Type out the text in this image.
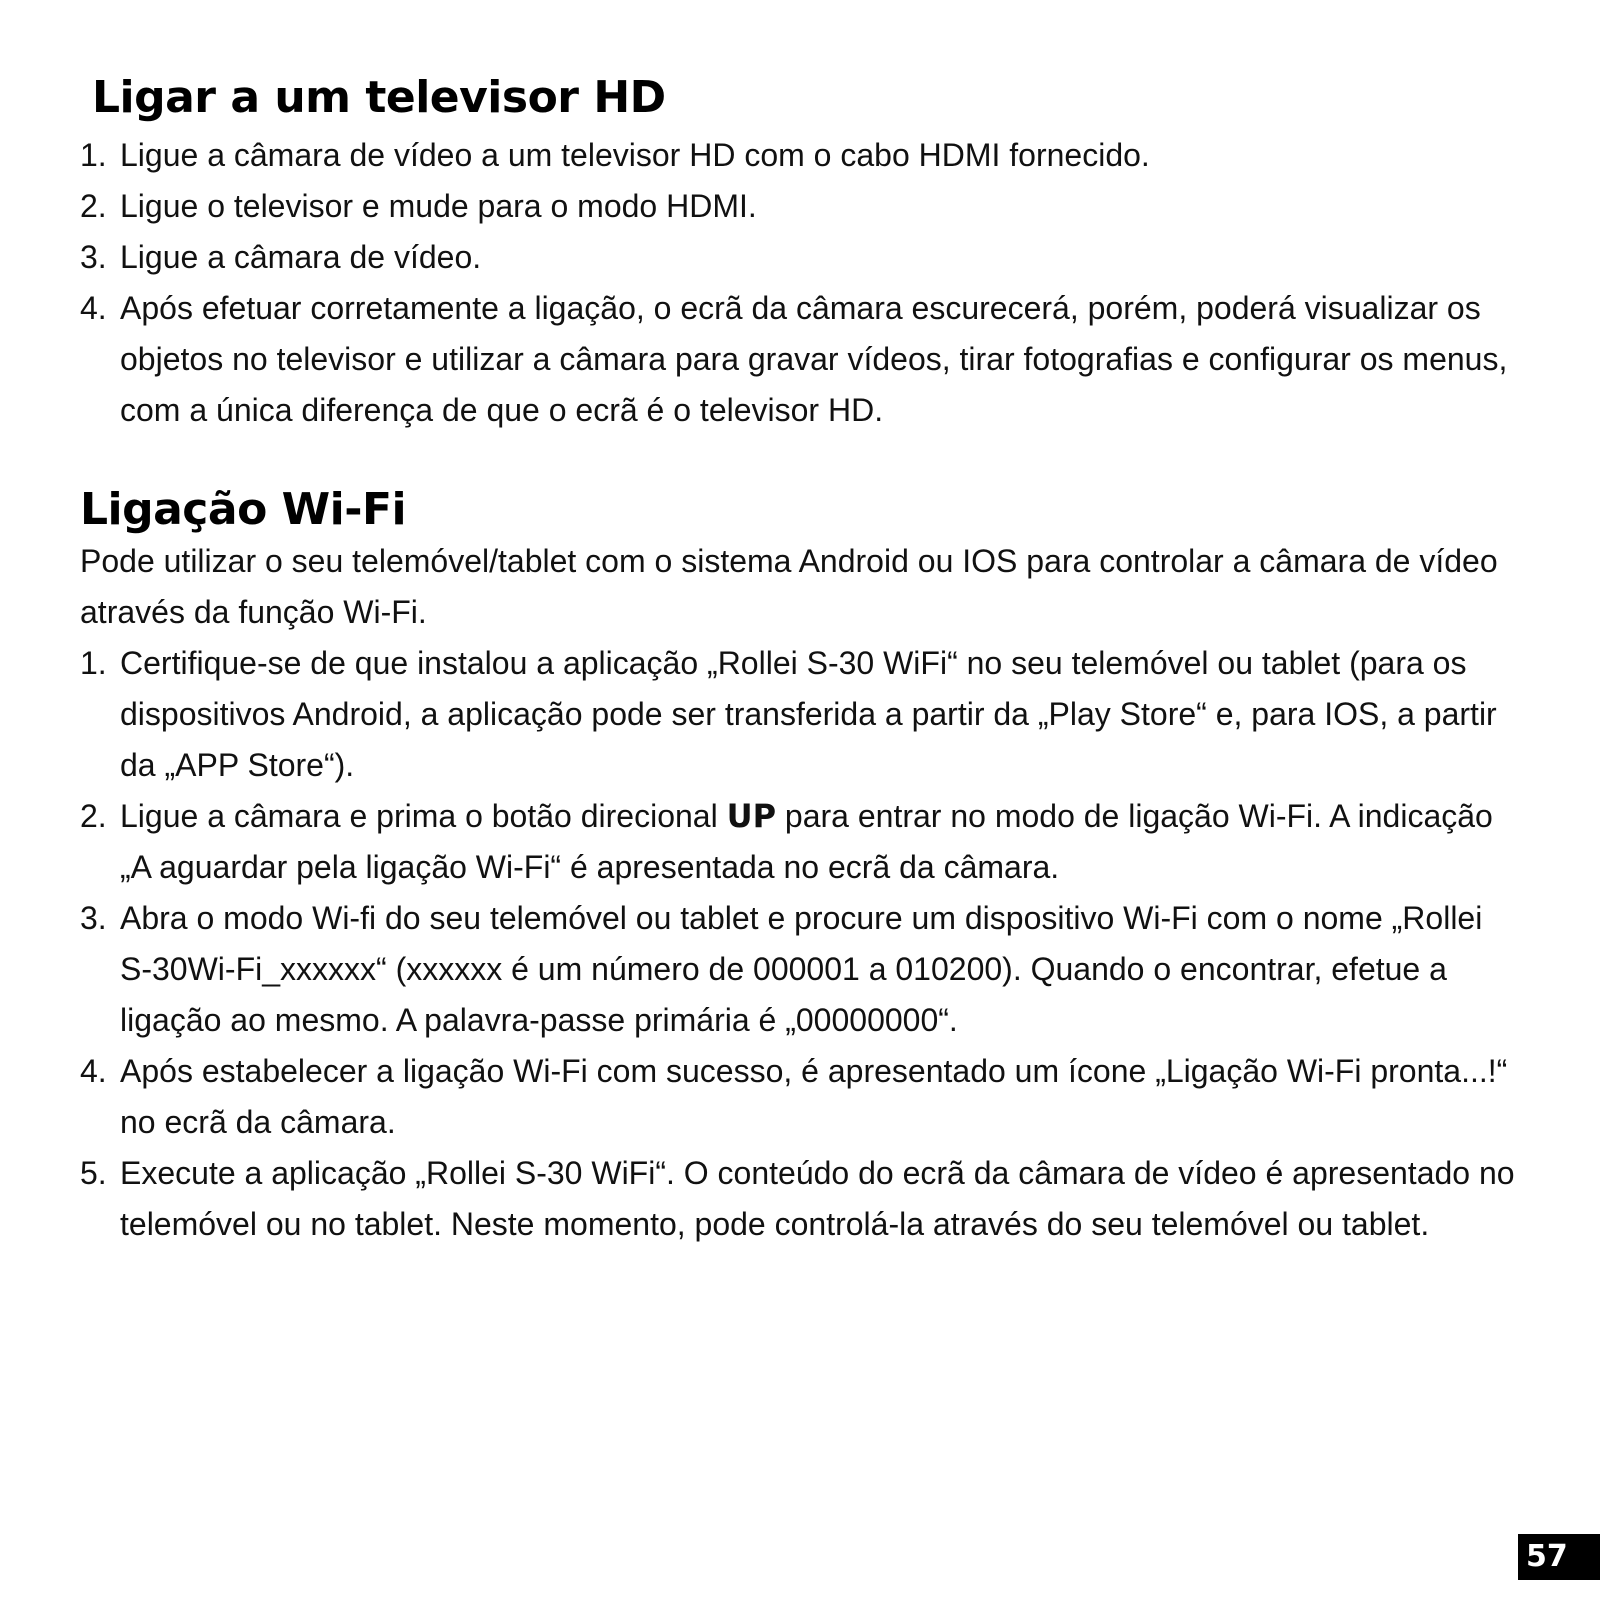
Ligar a um televisor HD
1. Ligue a câmara de vídeo a um televisor HD com o cabo HDMI fornecido.
2. Ligue o televisor e mude para o modo HDMI.
3. Ligue a câmara de vídeo.
4. Após efetuar corretamente a ligação, o ecrã da câmara escurecerá, porém, poderá visualizar os
objetos no televisor e utilizar a câmara para gravar vídeos, tirar fotografias e configurar os menus,
com a única diferença de que o ecrã é o televisor HD.
Ligação Wi-Fi
Pode utilizar o seu telemóvel/tablet com o sistema Android ou IOS para controlar a câmara de vídeo
através da função Wi-Fi.
1. Certifique-se de que instalou a aplicação „Rollei S-30 WiFi“ no seu telemóvel ou tablet (para os
dispositivos Android, a aplicação pode ser transferida a partir da „Play Store“ e, para IOS, a partir
da „APP Store“).
2. Ligue a câmara e prima o botão direcional UP para entrar no modo de ligação Wi-Fi. A indicação
„A aguardar pela ligação Wi-Fi“ é apresentada no ecrã da câmara.
3. Abra o modo Wi-fi do seu telemóvel ou tablet e procure um dispositivo Wi-Fi com o nome „Rollei
S-30Wi-Fi_xxxxxx“ (xxxxxx é um número de 000001 a 010200). Quando o encontrar, efetue a
ligação ao mesmo. A palavra-passe primária é „00000000“.
4. Após estabelecer a ligação Wi-Fi com sucesso, é apresentado um ícone „Ligação Wi-Fi pronta...!“
no ecrã da câmara.
5. Execute a aplicação „Rollei S-30 WiFi“. O conteúdo do ecrã da câmara de vídeo é apresentado no
telemóvel ou no tablet. Neste momento, pode controlá-la através do seu telemóvel ou tablet.
57
